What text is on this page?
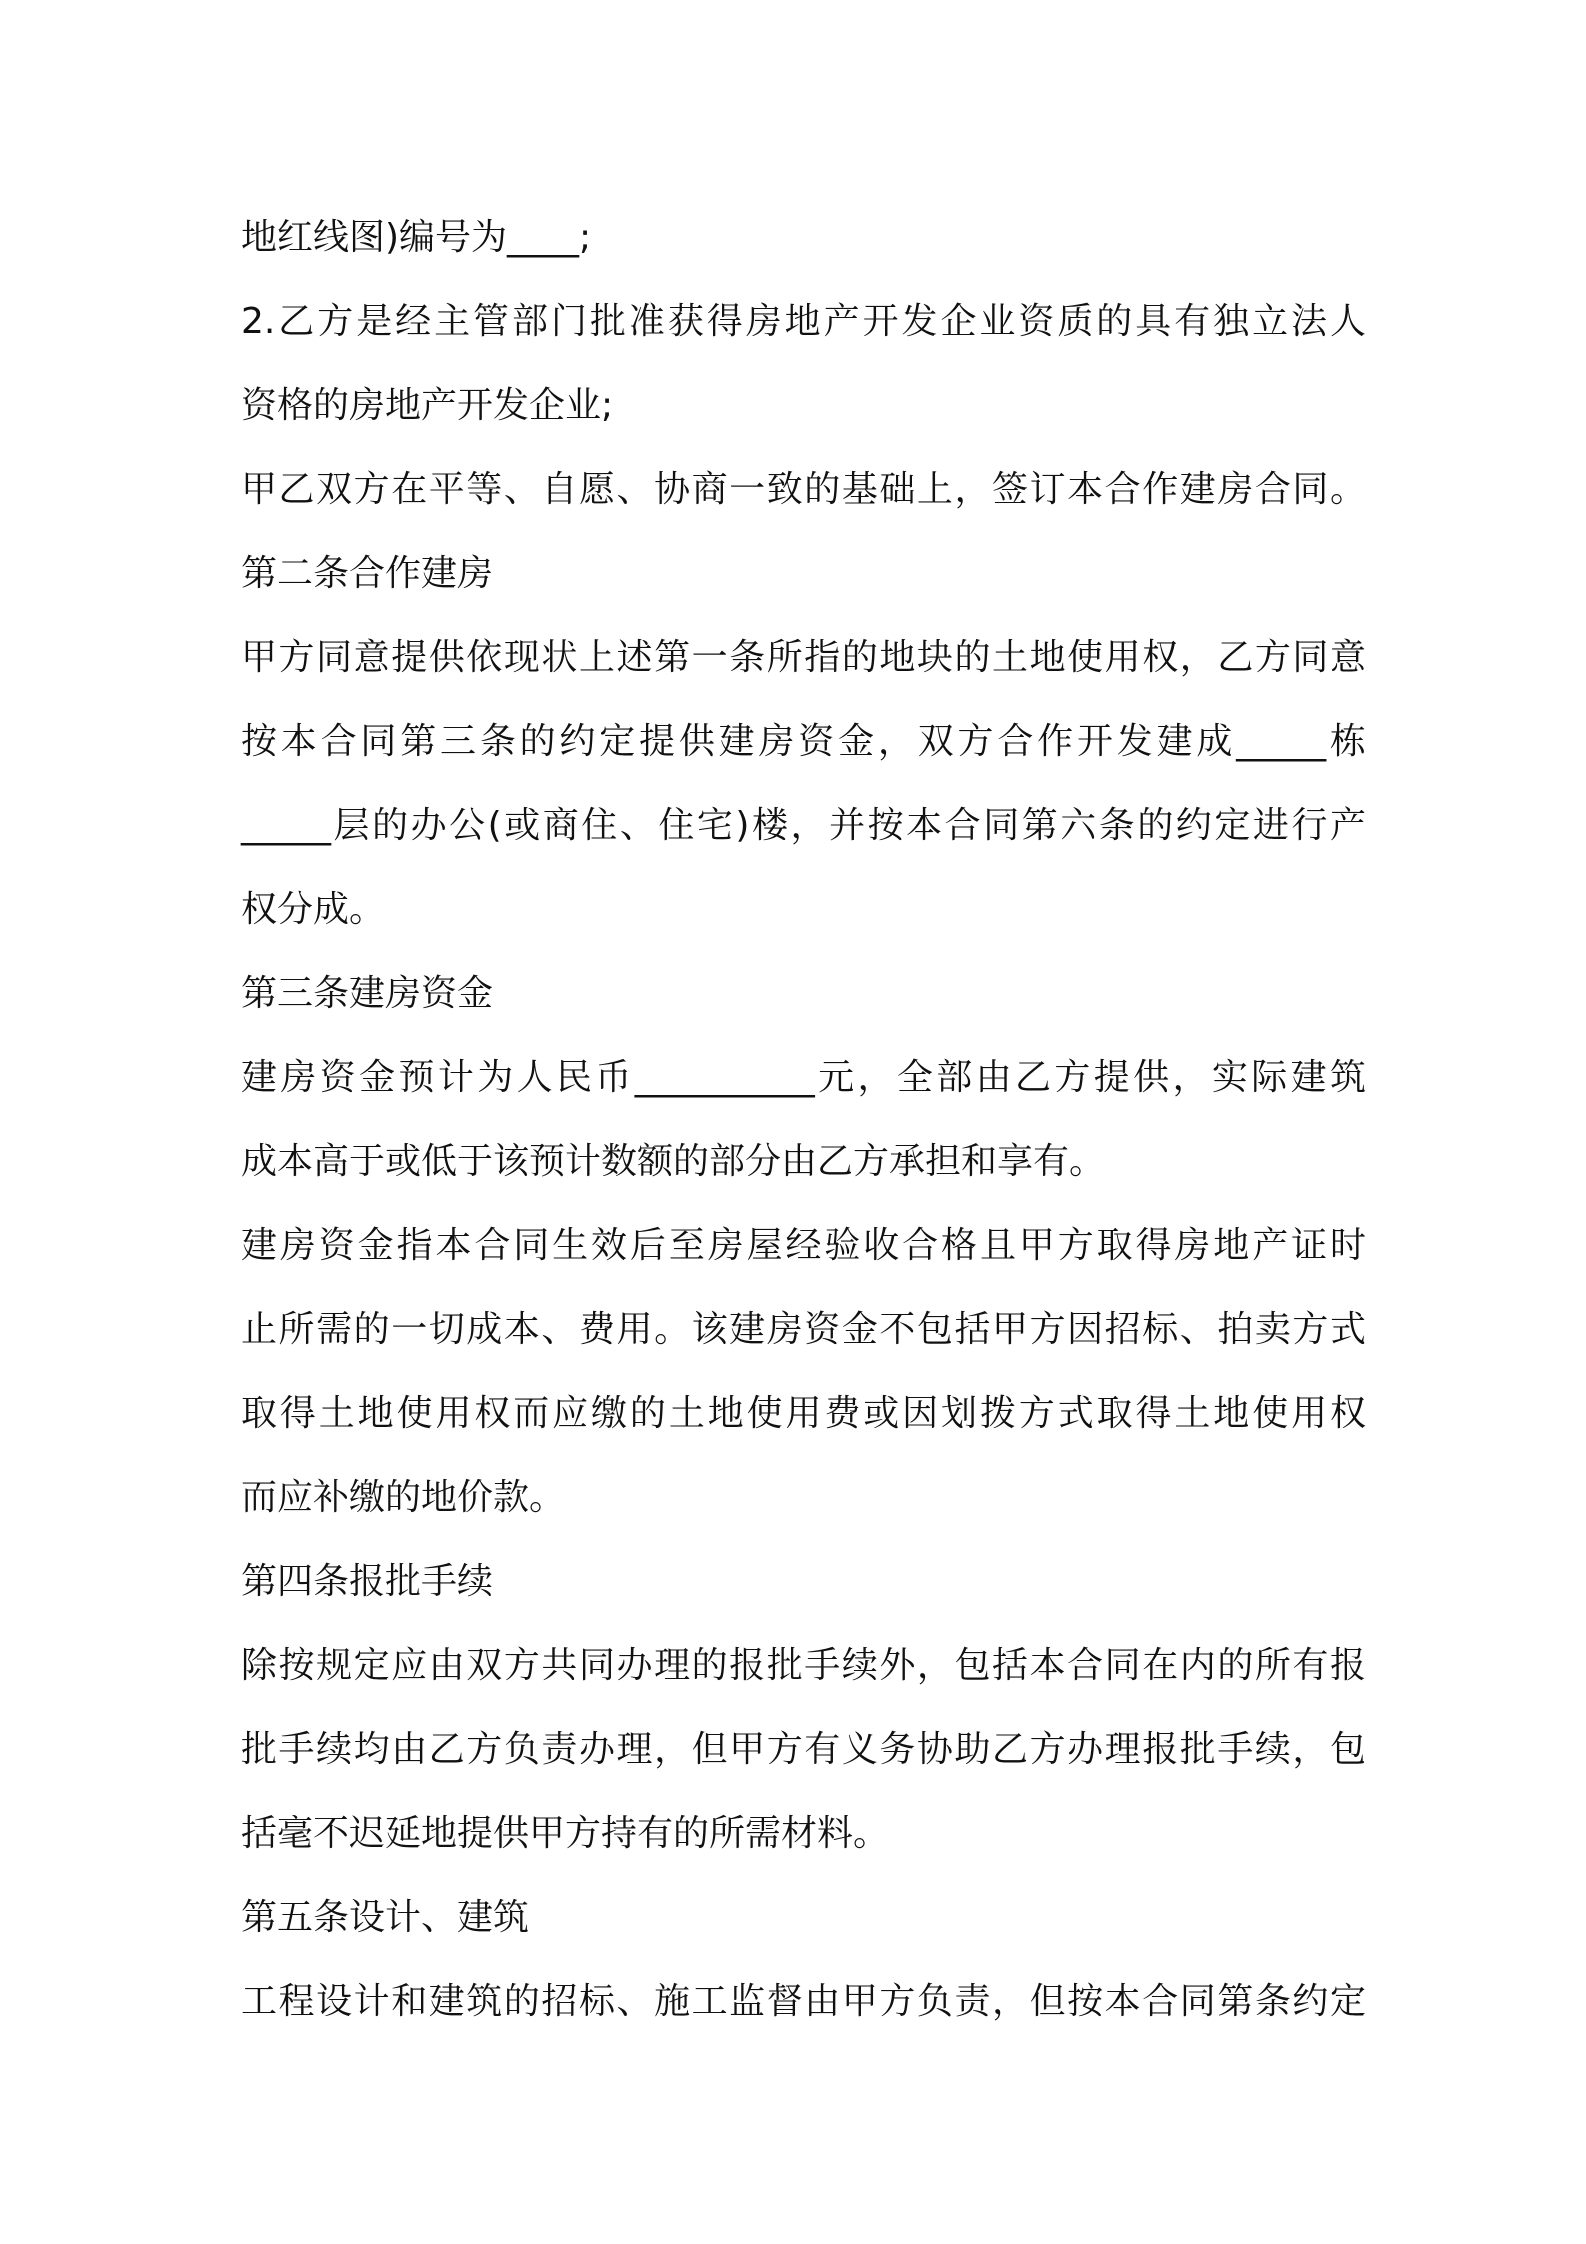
地红线图)编号为____;
2.乙方是经主管部门批准获得房地产开发企业资质的具有独立法人
资格的房地产开发企业;
甲乙双方在平等、自愿、协商一致的基础上，签订本合作建房合同。
第二条合作建房
甲方同意提供依现状上述第一条所指的地块的土地使用权，乙方同意
按本合同第三条的约定提供建房资金，双方合作开发建成_____栋
_____层的办公(或商住、住宅)楼，并按本合同第六条的约定进行产
权分成。
第三条建房资金
建房资金预计为人民币__________元，全部由乙方提供，实际建筑
成本高于或低于该预计数额的部分由乙方承担和享有。
建房资金指本合同生效后至房屋经验收合格且甲方取得房地产证时
止所需的一切成本、费用。该建房资金不包括甲方因招标、拍卖方式
取得土地使用权而应缴的土地使用费或因划拨方式取得土地使用权
而应补缴的地价款。
第四条报批手续
除按规定应由双方共同办理的报批手续外，包括本合同在内的所有报
批手续均由乙方负责办理，但甲方有义务协助乙方办理报批手续，包
括毫不迟延地提供甲方持有的所需材料。
第五条设计、建筑
工程设计和建筑的招标、施工监督由甲方负责，但按本合同第条约定
